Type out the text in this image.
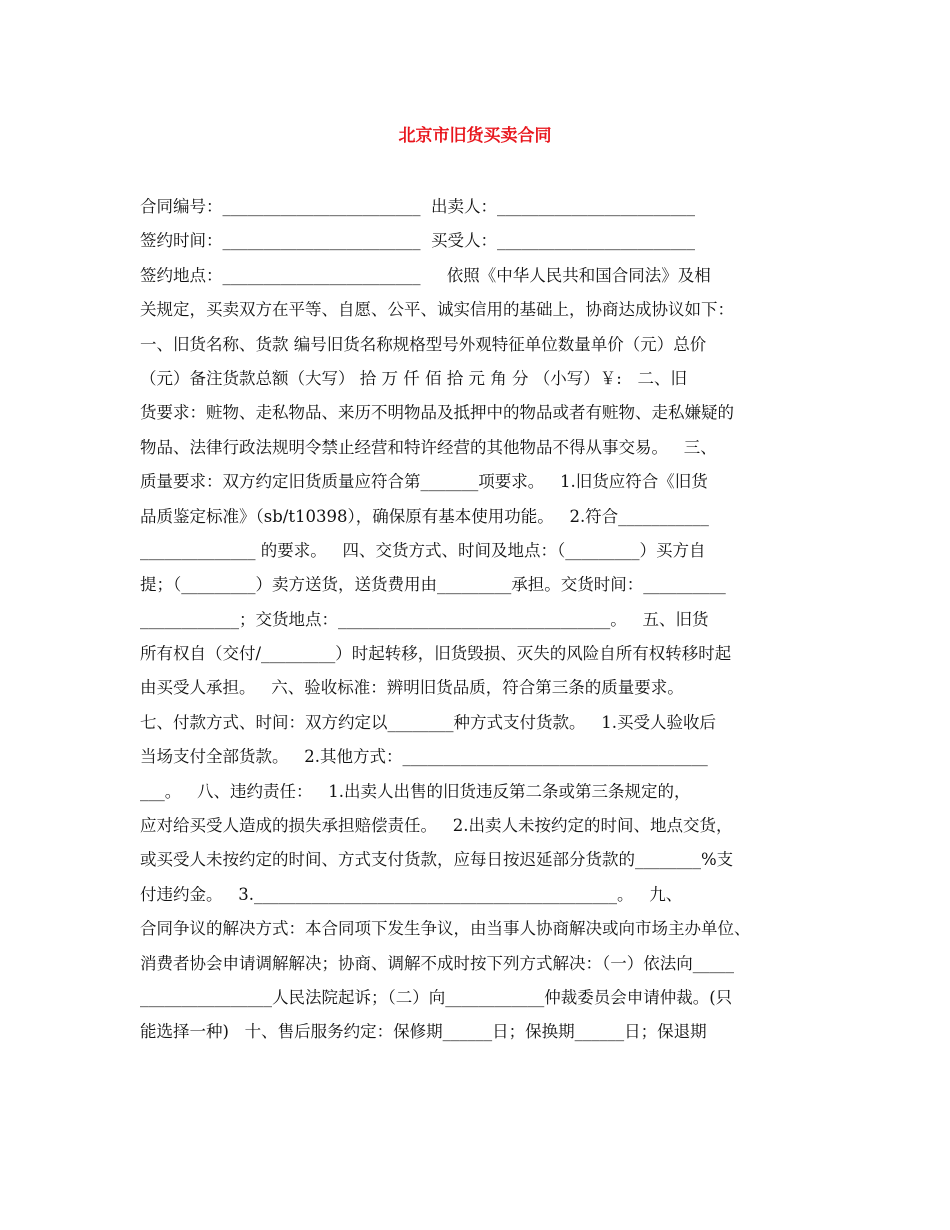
北京市旧货买卖合同
合同编号：________________________  出卖人：________________________
签约时间：________________________  买受人：________________________
签约地点：________________________     依照《中华人民共和国合同法》及相
关规定，买卖双方在平等、自愿、公平、诚实信用的基础上，协商达成协议如下：
一、旧货名称、货款 编号旧货名称规格型号外观特征单位数量单价（元）总价
（元）备注货款总额（大写） 拾 万 仟 佰 拾 元 角 分 （小写）￥:   二、旧
货要求：赃物、走私物品、来历不明物品及抵押中的物品或者有赃物、走私嫌疑的
物品、法律行政法规明令禁止经营和特许经营的其他物品不得从事交易。   三、
质量要求：双方约定旧货质量应符合第_______项要求。   1.旧货应符合《旧货
品质鉴定标准》（sb/t10398），确保原有基本使用功能。   2.符合___________
______________ 的要求。   四、交货方式、时间及地点：（_________）买方自
提；（_________）卖方送货，送货费用由_________承担。交货时间：__________
____________；交货地点：_________________________________。   五、旧货
所有权自（交付/_________）时起转移，旧货毁损、灭失的风险自所有权转移时起
由买受人承担。   六、验收标准：辨明旧货品质，符合第三条的质量要求。
七、付款方式、时间：双方约定以________种方式支付货款。   1.买受人验收后
当场支付全部货款。   2.其他方式：_____________________________________
___。   八、违约责任：   1.出卖人出售的旧货违反第二条或第三条规定的，
应对给买受人造成的损失承担赔偿责任。   2.出卖人未按约定的时间、地点交货，
或买受人未按约定的时间、方式支付货款，应每日按迟延部分货款的________%支
付违约金。   3.____________________________________________。   九、
合同争议的解决方式：本合同项下发生争议，由当事人协商解决或向市场主办单位、
消费者协会申请调解解决；协商、调解不成时按下列方式解决：（一）依法向_____
________________人民法院起诉；（二）向____________仲裁委员会申请仲裁。(只
能选择一种)   十、售后服务约定：保修期______日；保换期______日；保退期
